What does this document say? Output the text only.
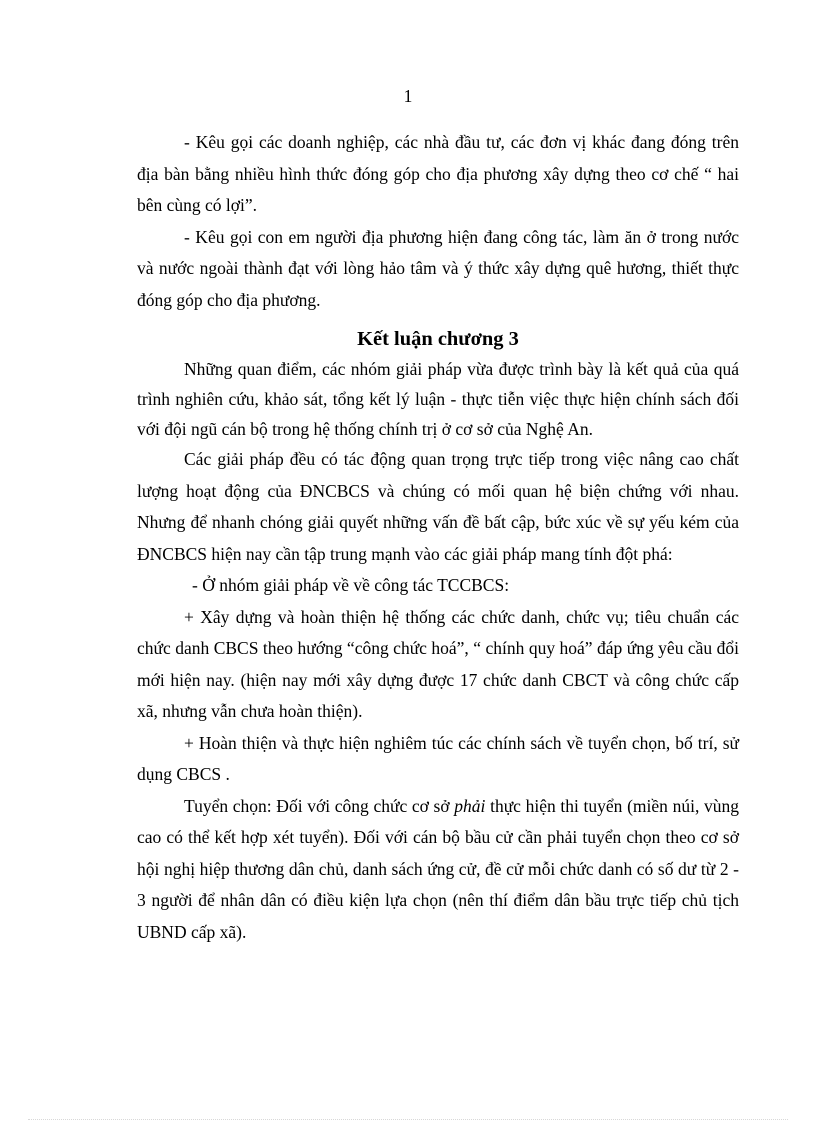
1

- Kêu gọi các doanh nghiệp, các nhà đầu tư, các đơn vị khác đang đóng trên địa bàn bằng nhiều hình thức đóng góp cho địa phương xây dựng theo cơ chế “ hai bên cùng có lợi”.

- Kêu gọi con em người địa phương hiện đang công tác, làm ăn ở trong nước và nước ngoài thành đạt với lòng hảo tâm và ý thức xây dựng quê hương, thiết thực đóng góp cho địa phương.

Kết luận chương 3

Những quan điểm, các nhóm giải pháp vừa được trình bày là kết quả của quá trình nghiên cứu, khảo sát, tổng kết lý luận - thực tiễn việc thực hiện chính sách đối với đội ngũ cán bộ trong hệ thống chính trị ở cơ sở của Nghệ An.

Các giải pháp đều có tác động quan trọng trực tiếp trong việc nâng cao chất lượng hoạt động của ĐNCBCS và chúng có mối quan hệ biện chứng với nhau. Nhưng để nhanh chóng giải quyết những vấn đề bất cập, bức xúc về sự yếu kém của ĐNCBCS hiện nay cần tập trung mạnh vào các giải pháp mang tính đột phá:

- Ở nhóm giải pháp về về công tác TCCBCS:

+ Xây dựng và hoàn thiện hệ thống các chức danh, chức vụ; tiêu chuẩn các chức danh CBCS theo hướng “công chức hoá”, “ chính quy hoá” đáp ứng yêu cầu đổi mới hiện nay. (hiện nay mới xây dựng được 17 chức danh CBCT và công chức cấp xã, nhưng vẫn chưa hoàn thiện).

+ Hoàn thiện và thực hiện nghiêm túc các chính sách về tuyển chọn, bố trí, sử dụng CBCS .

Tuyển chọn: Đối với công chức cơ sở phải thực hiện thi tuyển (miền núi, vùng cao có thể kết hợp xét tuyển). Đối với cán bộ bầu cử cần phải tuyển chọn theo cơ sở hội nghị hiệp thương dân chủ, danh sách ứng cử, đề cử mỗi chức danh có số dư từ 2 - 3 người để nhân dân có điều kiện lựa chọn (nên thí điểm dân bầu trực tiếp chủ tịch UBND cấp xã).
